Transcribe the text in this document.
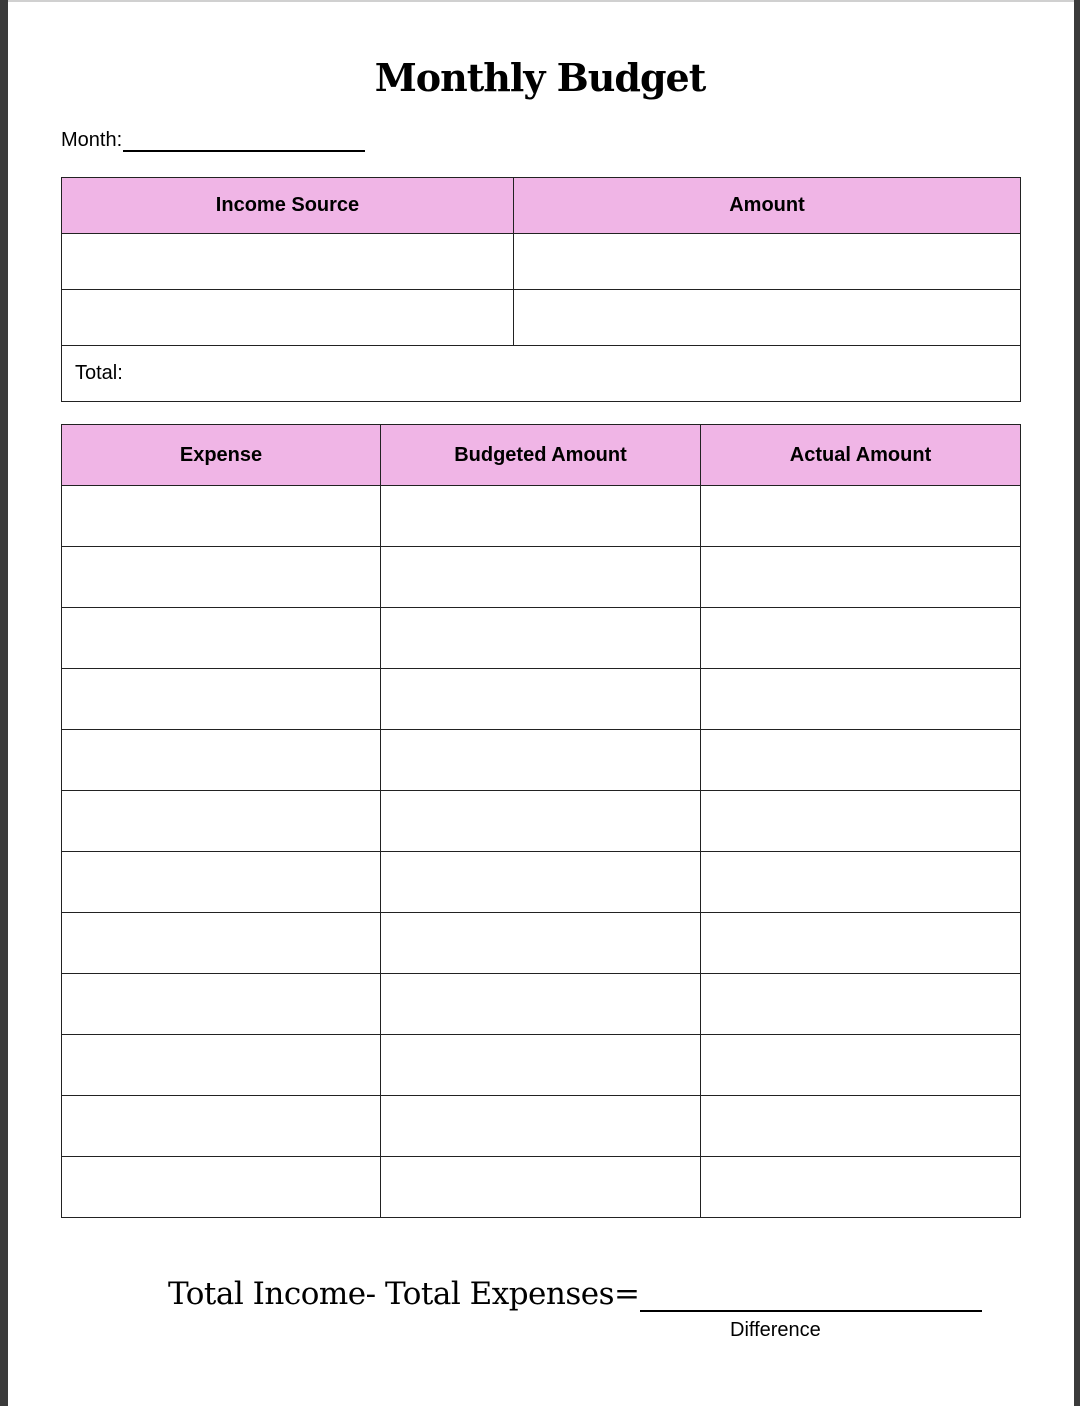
Monthly Budget
Month:
Income Source	Amount

Total:	
Expense	Budgeted Amount	Actual Amount

Total Income- Total Expenses=
Difference
